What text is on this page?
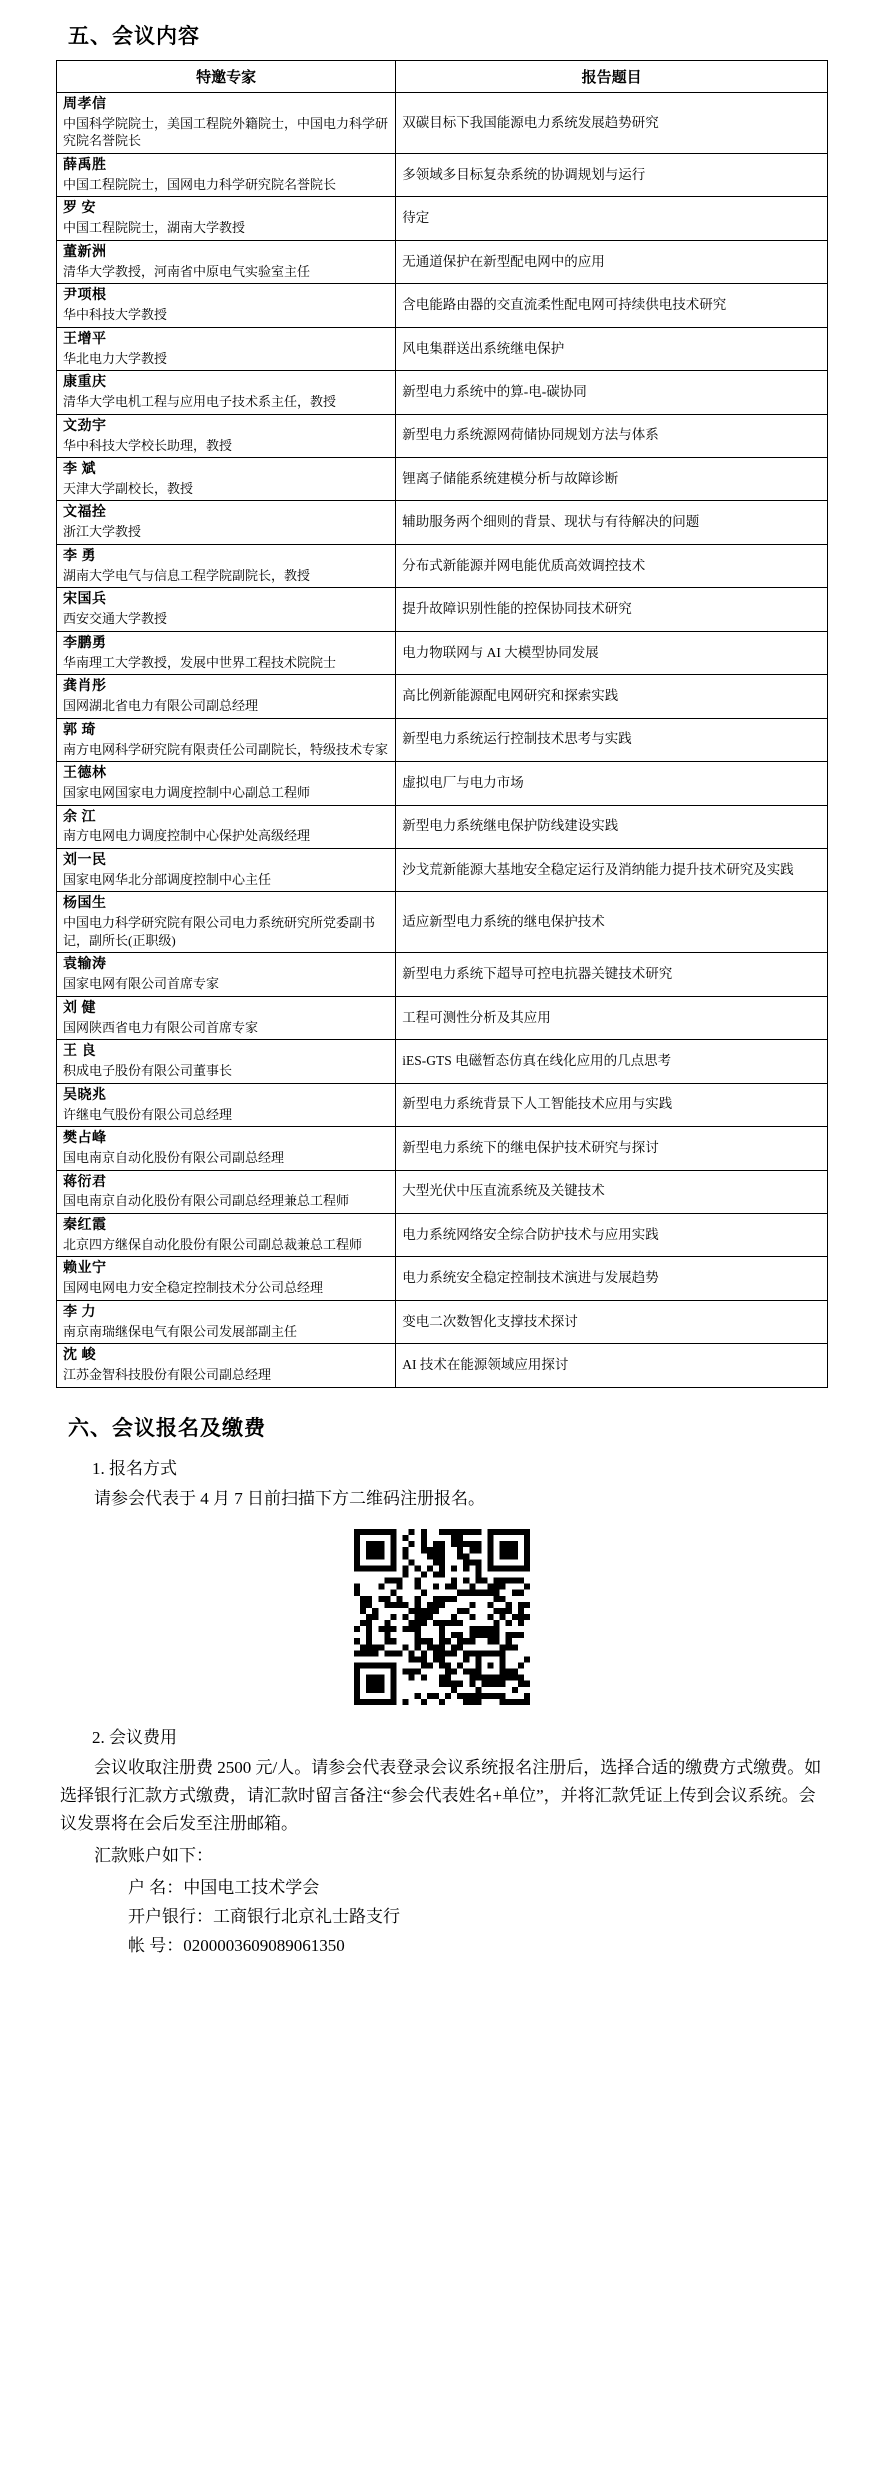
五、会议内容
特邀专家	报告题目

周孝信
中国科学院院士，美国工程院外籍院士，中国电力科学研究院名誉院长	双碳目标下我国能源电力系统发展趋势研究

薛禹胜
中国工程院院士，国网电力科学研究院名誉院长	多领域多目标复杂系统的协调规划与运行

罗 安
中国工程院院士，湖南大学教授	待定

董新洲
清华大学教授，河南省中原电气实验室主任	无通道保护在新型配电网中的应用

尹项根
华中科技大学教授	含电能路由器的交直流柔性配电网可持续供电技术研究

王增平
华北电力大学教授	风电集群送出系统继电保护

康重庆
清华大学电机工程与应用电子技术系主任，教授	新型电力系统中的算-电-碳协同

文劲宇
华中科技大学校长助理，教授	新型电力系统源网荷储协同规划方法与体系

李 斌
天津大学副校长，教授	锂离子储能系统建模分析与故障诊断

文福拴
浙江大学教授	辅助服务两个细则的背景、现状与有待解决的问题

李 勇
湖南大学电气与信息工程学院副院长，教授	分布式新能源并网电能优质高效调控技术

宋国兵
西安交通大学教授	提升故障识别性能的控保协同技术研究

李鹏勇
华南理工大学教授，发展中世界工程技术院院士	电力物联网与 AI 大模型协同发展

龚肖彤
国网湖北省电力有限公司副总经理	高比例新能源配电网研究和探索实践

郭 琦
南方电网科学研究院有限责任公司副院长，特级技术专家	新型电力系统运行控制技术思考与实践

王德林
国家电网国家电力调度控制中心副总工程师	虚拟电厂与电力市场

余 江
南方电网电力调度控制中心保护处高级经理	新型电力系统继电保护防线建设实践

刘一民
国家电网华北分部调度控制中心主任	沙戈荒新能源大基地安全稳定运行及消纳能力提升技术研究及实践

杨国生
中国电力科学研究院有限公司电力系统研究所党委副书记，副所长(正职级)	适应新型电力系统的继电保护技术

袁输涛
国家电网有限公司首席专家	新型电力系统下超导可控电抗器关键技术研究

刘 健
国网陕西省电力有限公司首席专家	工程可测性分析及其应用

王 良
积成电子股份有限公司董事长	iES-GTS 电磁暂态仿真在线化应用的几点思考

吴晓兆
许继电气股份有限公司总经理	新型电力系统背景下人工智能技术应用与实践

樊占峰
国电南京自动化股份有限公司副总经理	新型电力系统下的继电保护技术研究与探讨

蒋衍君
国电南京自动化股份有限公司副总经理兼总工程师	大型光伏中压直流系统及关键技术

秦红霞
北京四方继保自动化股份有限公司副总裁兼总工程师	电力系统网络安全综合防护技术与应用实践

赖业宁
国网电网电力安全稳定控制技术分公司总经理	电力系统安全稳定控制技术演进与发展趋势

李 力
南京南瑞继保电气有限公司发展部副主任	变电二次数智化支撑技术探讨

沈 峻
江苏金智科技股份有限公司副总经理	AI 技术在能源领域应用探讨
六、会议报名及缴费
1. 报名方式
请参会代表于 4 月 7 日前扫描下方二维码注册报名。
2. 会议费用
会议收取注册费 2500 元/人。请参会代表登录会议系统报名注册后，选择合适的缴费方式缴费。如选择银行汇款方式缴费，请汇款时留言备注“参会代表姓名+单位”，并将汇款凭证上传到会议系统。会议发票将在会后发至注册邮箱。
汇款账户如下：
户 名：中国电工技术学会
开户银行：工商银行北京礼士路支行
帐 号：0200003609089061350
